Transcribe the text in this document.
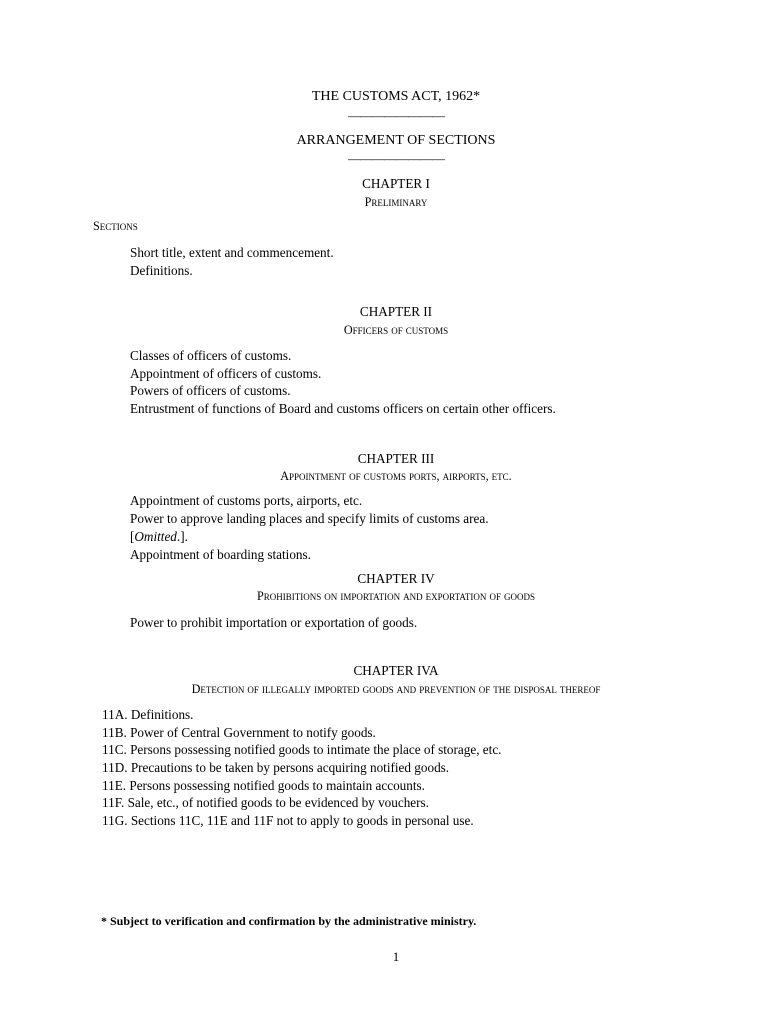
THE CUSTOMS ACT, 1962*
————————
ARRANGEMENT OF SECTIONS
————————
CHAPTER I
Preliminary
Sections
Short title, extent and commencement.
Definitions.
CHAPTER II
Officers of customs
Classes of officers of customs.
Appointment of officers of customs.
Powers of officers of customs.
Entrustment of functions of Board and customs officers on certain other officers.
CHAPTER III
Appointment of customs ports, airports, etc.
Appointment of customs ports, airports, etc.
Power to approve landing places and specify limits of customs area.
[Omitted.].
Appointment of boarding stations.
CHAPTER IV
Prohibitions on importation and exportation of goods
Power to prohibit importation or exportation of goods.
CHAPTER IVA
Detection of illegally imported goods and prevention of the disposal thereof
11A. Definitions.
11B. Power of Central Government to notify goods.
11C. Persons possessing notified goods to intimate the place of storage, etc.
11D. Precautions to be taken by persons acquiring notified goods.
11E. Persons possessing notified goods to maintain accounts.
11F. Sale, etc., of notified goods to be evidenced by vouchers.
11G. Sections 11C, 11E and 11F not to apply to goods in personal use.
* Subject to verification and confirmation by the administrative ministry.
1
